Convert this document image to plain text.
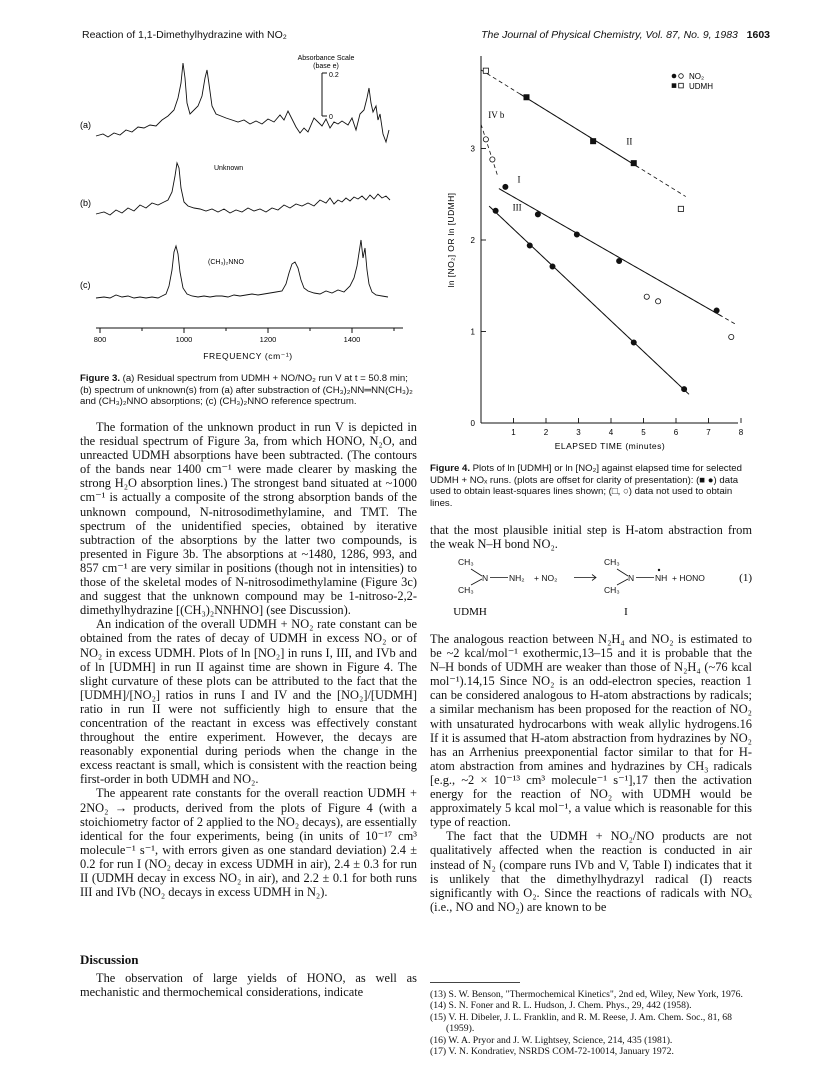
Reaction of 1,1-Dimethylhydrazine with NO₂	The Journal of Physical Chemistry, Vol. 87, No. 9, 1983 1603
Absorbance Scale
(base e)
0.2
0
(a)
(b)
Unknown
(c)
(CH₃)₂NNO
800	1000	1200	1400
FREQUENCY (cm⁻¹)
Figure 3. (a) Residual spectrum from UDMH + NO/NO₂ run V at t = 50.8 min; (b) spectrum of unknown(s) from (a) after substraction of (CH₃)₂NN═NN(CH₃)₂ and (CH₃)₂NNO absorptions; (c) (CH₃)₂NNO reference spectrum.
1	2	3	4	5	6	7	8
0
1
2
3
ln [NO₂] OR ln [UDMH]
ELAPSED TIME (minutes)
NO₂
UDMH
II
IV b
I
III
Figure 4. Plots of ln [UDMH] or ln [NO₂] against elapsed time for selected UDMH + NOₓ runs. (plots are offset for clarity of presentation): (■ ●) data used to obtain least-squares lines shown; (□, ○) data not used to obtain lines.

The formation of the unknown product in run V is depicted in the residual spectrum of Figure 3a, from which HONO, N₂O, and unreacted UDMH absorptions have been subtracted. (The contours of the bands near 1400 cm⁻¹ were made clearer by masking the strong H₂O absorption lines.) The strongest band situated at ~1000 cm⁻¹ is actually a composite of the strong absorption bands of the unknown compound, N-nitrosodimethylamine, and TMT. The spectrum of the unidentified species, obtained by iterative subtraction of the absorptions by the latter two compounds, is presented in Figure 3b. The absorptions at ~1480, 1286, 993, and 857 cm⁻¹ are very similar in positions (though not in intensities) to those of the skeletal modes of N-nitrosodimethylamine (Figure 3c) and suggest that the unknown compound may be 1-nitroso-2,2-dimethylhydrazine [(CH₃)₂NNHNO] (see Discussion).

An indication of the overall UDMH + NO₂ rate constant can be obtained from the rates of decay of UDMH in excess NO₂ or of NO₂ in excess UDMH. Plots of ln [NO₂] in runs I, III, and IVb and of ln [UDMH] in run II against time are shown in Figure 4. The slight curvature of these plots can be attributed to the fact that the [UDMH]/[NO₂] ratios in runs I and IV and the [NO₂]/[UDMH] ratio in run II were not sufficiently high to ensure that the concentration of the reactant in excess was effectively constant throughout the entire experiment. However, the decays are reasonably exponential during periods when the change in the excess reactant is small, which is consistent with the reaction being first-order in both UDMH and NO₂.

The appearent rate constants for the overall reaction UDMH + 2NO₂ → products, derived from the plots of Figure 4 (with a stoichiometry factor of 2 applied to the NO₂ decays), are essentially identical for the four experiments, being (in units of 10⁻¹⁷ cm³ molecule⁻¹ s⁻¹, with errors given as one standard deviation) 2.4 ± 0.2 for run I (NO₂ decay in excess UDMH in air), 2.4 ± 0.3 for run II (UDMH decay in excess NO₂ in air), and 2.2 ± 0.1 for both runs III and IVb (NO₂ decays in excess UDMH in N₂).

Discussion

The observation of large yields of HONO, as well as mechanistic and thermochemical considerations, indicate

that the most plausible initial step is H-atom abstraction from the weak N–H bond NO₂.

CH₃
CH₃
N NH₂ + NO₂
CH₃
CH₃
N NH + HONO	(1)
UDMH	I

The analogous reaction between N₂H₄ and NO₂ is estimated to be ~2 kcal/mol⁻¹ exothermic,13–15 and it is probable that the N–H bonds of UDMH are weaker than those of N₂H₄ (~76 kcal mol⁻¹).14,15 Since NO₂ is an odd-electron species, reaction 1 can be considered analogous to H-atom abstractions by radicals; a similar mechanism has been proposed for the reaction of NO₂ with unsaturated hydrocarbons with weak allylic hydrogens.16 If it is assumed that H-atom abstraction from hydrazines by NO₂ has an Arrhenius preexponential factor similar to that for H-atom abstraction from amines and hydrazines by CH₃ radicals [e.g., ~2 × 10⁻¹³ cm³ molecule⁻¹ s⁻¹],17 then the activation energy for the reaction of NO₂ with UDMH would be approximately 5 kcal mol⁻¹, a value which is reasonable for this type of reaction.

The fact that the UDMH + NO₂/NO products are not qualitatively affected when the reaction is conducted in air instead of N₂ (compare runs IVb and V, Table I) indicates that it is unlikely that the dimethylhydrazyl radical (I) reacts significantly with O₂. Since the reactions of radicals with NOₓ (i.e., NO and NO₂) are known to be

(13) S. W. Benson, "Thermochemical Kinetics", 2nd ed, Wiley, New York, 1976.
(14) S. N. Foner and R. L. Hudson, J. Chem. Phys., 29, 442 (1958).
(15) V. H. Dibeler, J. L. Franklin, and R. M. Reese, J. Am. Chem. Soc., 81, 68 (1959).
(16) W. A. Pryor and J. W. Lightsey, Science, 214, 435 (1981).
(17) V. N. Kondratiev, NSRDS COM-72-10014, January 1972.
